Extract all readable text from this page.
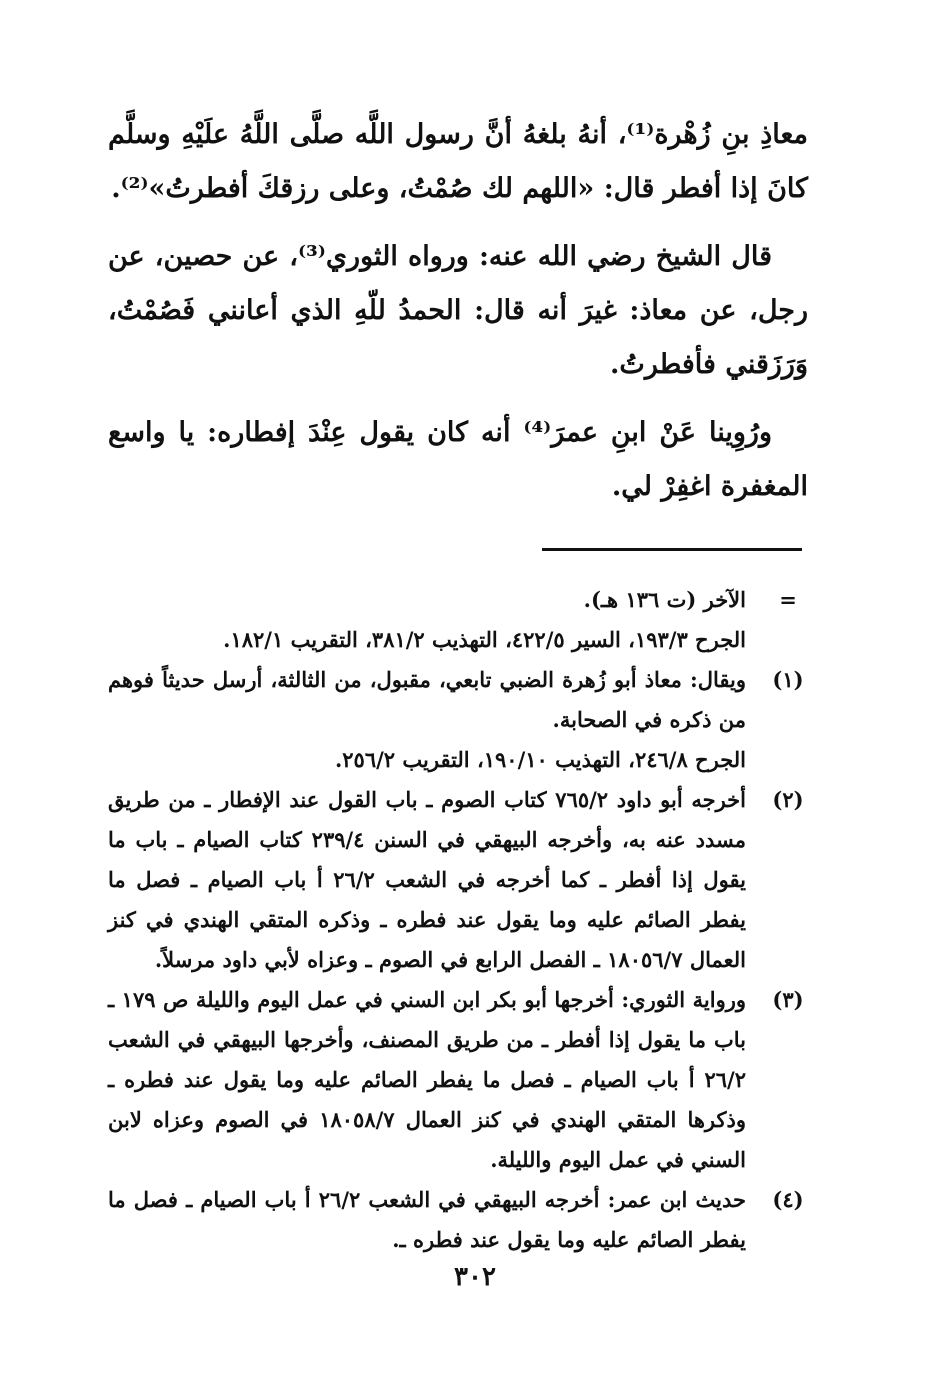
معاذِ بنِ زُهْرة⁽¹⁾، أنهُ بلغهُ أنَّ رسول اللَّه صلَّى اللَّهُ علَيْهِ وسلَّم كانَ إذا أفطر قال: «اللهم لك صُمْتُ، وعلى رزقكَ أفطرتُ»⁽²⁾.

قال الشيخ رضي الله عنه: ورواه الثوري⁽³⁾، عن حصين، عن رجل، عن معاذ: غيرَ أنه قال: الحمدُ للّهِ الذي أعانني فَصُمْتُ، وَرَزَقني فأفطرتُ.

ورُوِينا عَنْ ابنِ عمرَ⁽⁴⁾ أنه كان يقول عِنْدَ إفطاره: يا واسع المغفرة اغفِرْ لي.

=
الآخر (ت ١٣٦ هـ).
الجرح ١٩٣/٣، السير ٤٢٢/٥، التهذيب ٣٨١/٢، التقريب ١٨٢/١.
(١)
ويقال: معاذ أبو زُهرة الضبي تابعي، مقبول، من الثالثة، أرسل حديثاً فوهم من ذكره في الصحابة.
الجرح ٢٤٦/٨، التهذيب ١٩٠/١٠، التقريب ٢٥٦/٢.
(٢)
أخرجه أبو داود ٧٦٥/٢ كتاب الصوم ـ باب القول عند الإفطار ـ من طريق مسدد عنه به، وأخرجه البيهقي في السنن ٢٣٩/٤ كتاب الصيام ـ باب ما يقول إذا أفطر ـ كما أخرجه في الشعب ٢٦/٢ أ باب الصيام ـ فصل ما يفطر الصائم عليه وما يقول عند فطره ـ وذكره المتقي الهندي في كنز العمال ١٨٠٥٦/٧ ـ الفصل الرابع في الصوم ـ وعزاه لأبي داود مرسلاً.
(٣)
ورواية الثوري: أخرجها أبو بكر ابن السني في عمل اليوم والليلة ص ١٧٩ ـ باب ما يقول إذا أفطر ـ من طريق المصنف، وأخرجها البيهقي في الشعب ٢٦/٢ أ باب الصيام ـ فصل ما يفطر الصائم عليه وما يقول عند فطره ـ وذكرها المتقي الهندي في كنز العمال ١٨٠٥٨/٧ في الصوم وعزاه لابن السني في عمل اليوم والليلة.
(٤)
حديث ابن عمر: أخرجه البيهقي في الشعب ٢٦/٢ أ باب الصيام ـ فصل ما يفطر الصائم عليه وما يقول عند فطره ـ.
٣٠٢
